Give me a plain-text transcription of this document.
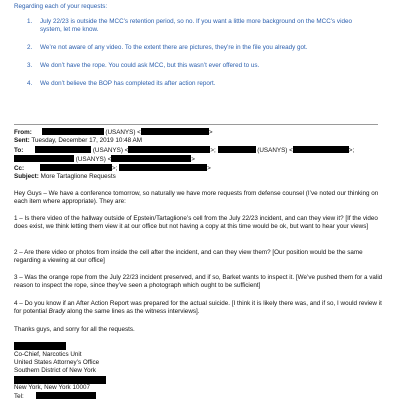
Regarding each of your requests:
1. July 22/23 is outside the MCC’s retention period, so no. If you want a little more background on the MCC’s video system, let me know.
2. We’re not aware of any video. To the extent there are pictures, they’re in the file you already got.
3. We don’t have the rope. You could ask MCC, but this wasn’t ever offered to us.
4. We don’t believe the BOP has completed its after action report.
From:	(USANYS) <	>
Sent: Tuesday, December 17, 2019 10:48 AM
To:	(USANYS) <	>;	(USANYS) <	>;
(USANYS) <	>
Cc:	>;	>
Subject: More Tartaglione Requests
Hey Guys – We have a conference tomorrow, so naturally we have more requests from defense counsel (I’ve noted our thinking on each item where appropriate). They are:
1 – Is there video of the hallway outside of Epstein/Tartaglione’s cell from the July 22/23 incident, and can they view it? [If the video does exist, we think letting them view it at our office but not having a copy at this time would be ok, but want to hear your views]
2 – Are there video or photos from inside the cell after the incident, and can they view them? [Our position would be the same regarding a viewing at our office]
3 – Was the orange rope from the July 22/23 incident preserved, and if so, Barket wants to inspect it. [We’ve pushed them for a valid reason to inspect the rope, since they’ve seen a photograph which ought to be sufficient]
4 – Do you know if an After Action Report was prepared for the actual suicide. [I think it is likely there was, and if so, I would review it for potential Brady along the same lines as the witness interviews].
Thanks guys, and sorry for all the requests.
Co-Chief, Narcotics Unit
United States Attorney’s Office
Southern District of New York
New York, New York 10007
Tel:
